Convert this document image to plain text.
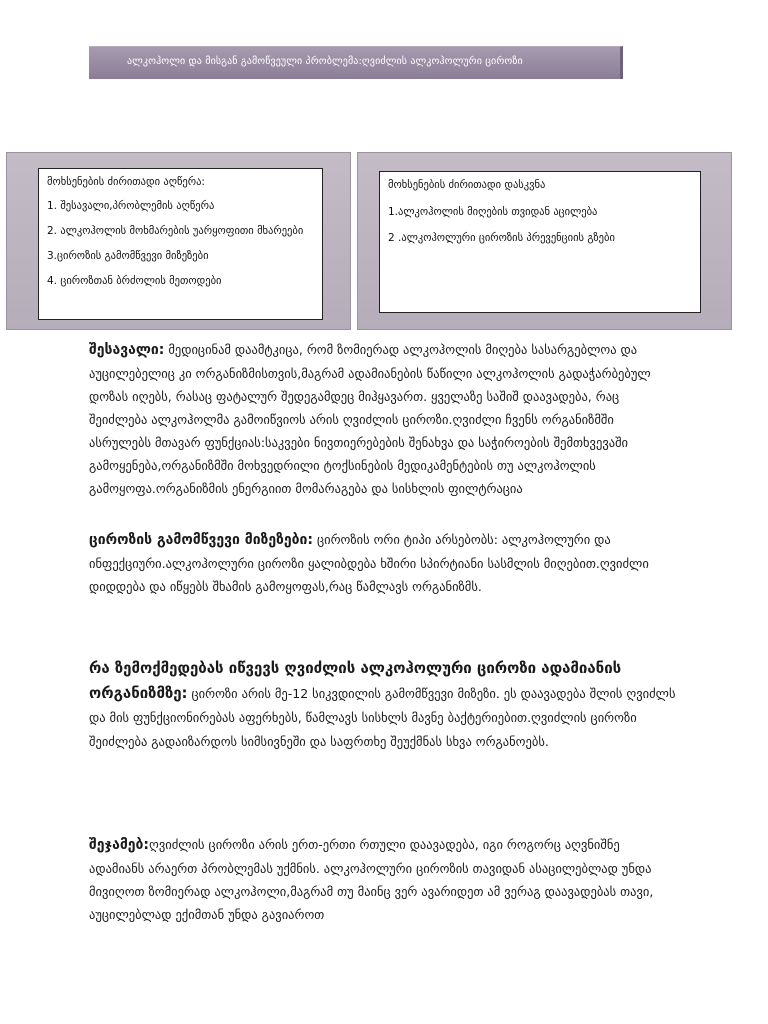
ალკოჰოლი და მისგან გამოწვეული პრობლემა:ღვიძლის ალკოჰოლური ციროზი
მოხსენების ძირითადი აღწერა:
1. შესავალი,პრობლემის აღწერა
2. ალკოჰოლის მოხმარების უარყოფითი მხარეები
3.ციროზის გამომწვევი მიზეზები
4. ციროზთან ბრძოლის მეთოდები
მოხსენების ძირითადი დასკვნა
1.ალკოჰოლის მიღების თვიდან აცილება
2 .ალკოჰოლური ციროზის პრევენციის გზები
შესავალი: მედიცინამ დაამტკიცა, რომ ზომიერად ალკოჰოლის მიღება სასარგებლოა და აუცილებელიც კი ორგანიზმისთვის,მაგრამ ადამიანების წაწილი ალკოჰოლის გადაჭარბებულ დოზას იღებს, რასაც ფატალურ შედეგამდეც მიჰყავართ. ყველაზე საშიშ დაავადება, რაც შეიძლება ალკოჰოლმა გამოიწვიოს არის ღვიძლის ციროზი.ღვიძლი ჩვენს ორგანიზმში ასრულებს მთავარ ფუნქციას:საკვები ნივთიერებების შენახვა და საჭიროების შემთხვევაში გამოყენება,ორგანიზმში მოხვედრილი ტოქსინების მედიკამენტების თუ ალკოჰოლის გამოყოფა.ორგანიზმის ენერგიით მომარაგება და სისხლის ფილტრაცია
ციროზის გამომწვევი მიზეზები: ციროზის ორი ტიპი არსებობს: ალკოჰოლური და ინფექციური.ალკოჰოლური ციროზი ყალიბდება ხშირი სპირტიანი სასმლის მიღებით.ღვიძლი დიდდება და იწყებს შხამის გამოყოფას,რაც წამლავს ორგანიზმს.
რა ზემოქმედებას იწვევს ღვიძლის ალკოჰოლური ციროზი ადამიანის ორგანიზმზე: ციროზი არის მე-12 სიკვდილის გამომწვევი მიზეზი. ეს დაავადება შლის ღვიძლს და მის ფუნქციონირებას აფერხებს, წამლავს სისხლს მავნე ბაქტერიებით.ღვიძლის ციროზი შეიძლება გადაიზარდოს სიმსივნეში და საფრთხე შეუქმნას სხვა ორგანოებს.
შეჯამებ:ღვიძლის ციროზი არის ერთ-ერთი რთული დაავადება, იგი როგორც აღვნიშნე ადამიანს არაერთ პრობლემას უქმნის. ალკოჰოლური ციროზის თავიდან ასაცილებლად უნდა მივიღოთ ზომიერად ალკოჰოლი,მაგრამ თუ მაინც ვერ ავარიდეთ ამ ვერაგ დაავადებას თავი, აუცილებლად ექიმთან უნდა გავიაროთ
